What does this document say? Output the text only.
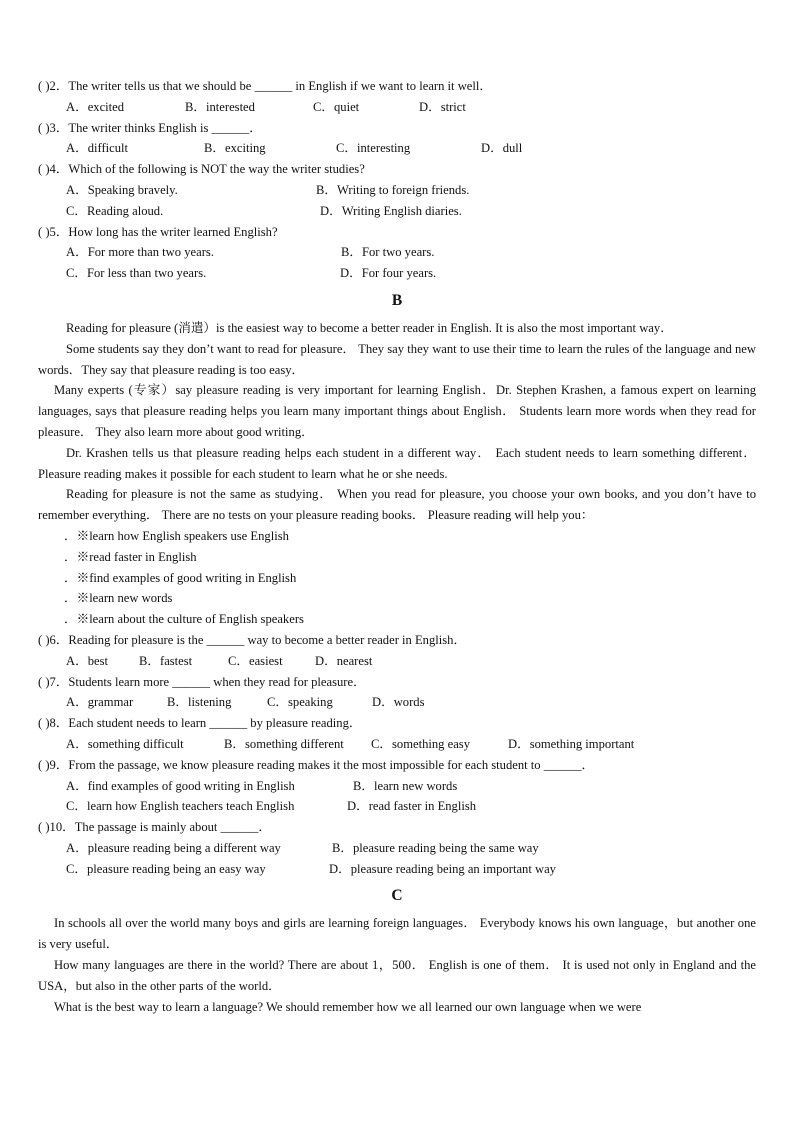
( )2．The writer tells us that we should be ______ in English if we want to learn it well．
A．excited	B．interested	C．quiet	D．strict
( )3．The writer thinks English is ______．
A．difficult	B．exciting	C．interesting	D．dull
( )4．Which of the following is NOT the way the writer studies?
A．Speaking bravely.	B．Writing to foreign friends.
C．Reading aloud.	D．Writing English diaries.
( )5．How long has the writer learned English?
A．For more than two years.	B．For two years.
C．For less than two years.	D．For four years.
B

Reading for pleasure (消遣）is the easiest way to become a better reader in English. It is also the most important way．

Some students say they don’t want to read for pleasure． They say they want to use their time to learn the rules of the language and new words．They say that pleasure reading is too easy．

Many experts (专家）say pleasure reading is very important for learning English．Dr. Stephen Krashen, a famous expert on learning languages, says that pleasure reading helps you learn many important things about English． Students learn more words when they read for pleasure． They also learn more about good writing．

Dr. Krashen tells us that pleasure reading helps each student in a different way． Each student needs to learn something different．Pleasure reading makes it possible for each student to learn what he or she needs.

Reading for pleasure is not the same as studying． When you read for pleasure, you choose your own books, and you don’t have to remember everything． There are no tests on your pleasure reading books． Pleasure reading will help you：

．※learn how English speakers use English
．※read faster in English
．※find examples of good writing in English
．※learn new words
．※learn about the culture of English speakers
( )6．Reading for pleasure is the ______ way to become a better reader in English．
A．best B．fastest	C．easiest	D．nearest
( )7．Students learn more ______ when they read for pleasure．
A．grammar	B．listening	C．speaking	D．words
( )8．Each student needs to learn ______ by pleasure reading．
A．something difficult	B．something different C．something easy	D．something important
( )9．From the passage, we know pleasure reading makes it the most impossible for each student to ______．
A．find examples of good writing in English	B．learn new words
C．learn how English teachers teach English	D．read faster in English
( )10．The passage is mainly about ______．
A．pleasure reading being a different way	B．pleasure reading being the same way
C．pleasure reading being an easy way	D．pleasure reading being an important way
C

In schools all over the world many boys and girls are learning foreign languages． Everybody knows his own language，but another one is very useful．

How many languages are there in the world? There are about 1，500． English is one of them． It is used not only in England and the USA，but also in the other parts of the world．

What is the best way to learn a language? We should remember how we all learned our own language when we were
